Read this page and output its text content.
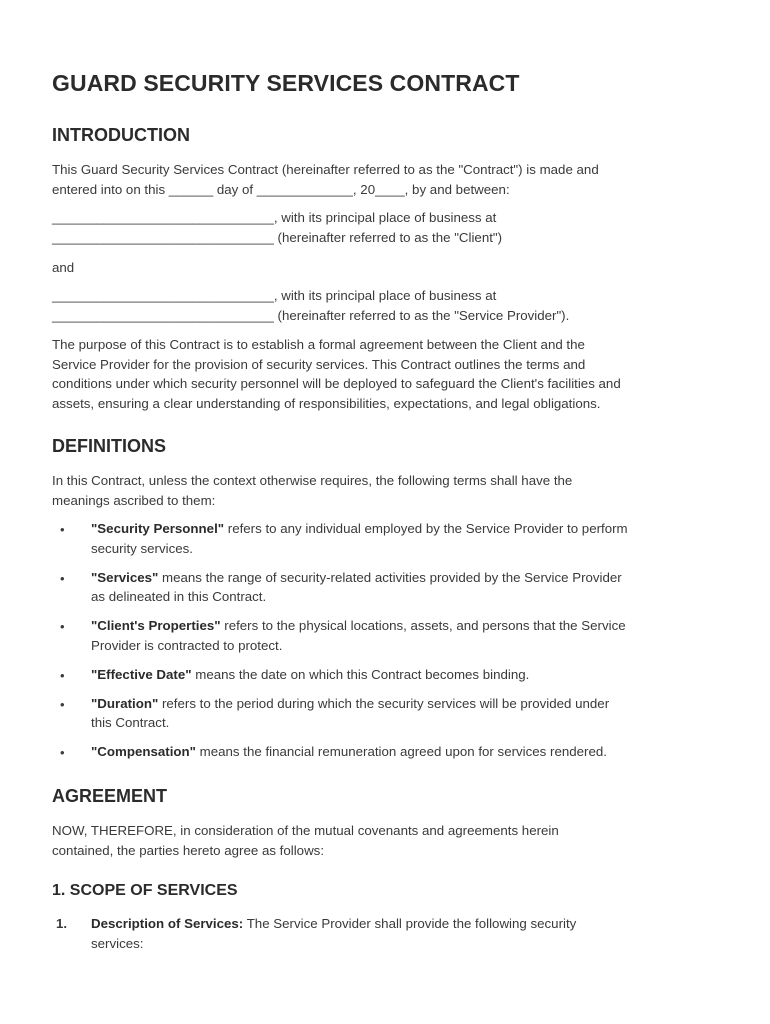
GUARD SECURITY SERVICES CONTRACT
INTRODUCTION

This Guard Security Services Contract (hereinafter referred to as the "Contract") is made and

entered into on this ______ day of _____________, 20____, by and between:

______________________________, with its principal place of business at

______________________________ (hereinafter referred to as the "Client")

and

______________________________, with its principal place of business at

______________________________ (hereinafter referred to as the "Service Provider").

The purpose of this Contract is to establish a formal agreement between the Client and the

Service Provider for the provision of security services. This Contract outlines the terms and

conditions under which security personnel will be deployed to safeguard the Client's facilities and

assets, ensuring a clear understanding of responsibilities, expectations, and legal obligations.

DEFINITIONS

In this Contract, unless the context otherwise requires, the following terms shall have the

meanings ascribed to them:

• "Security Personnel" refers to any individual employed by the Service Provider to perform
security services.
• "Services" means the range of security-related activities provided by the Service Provider
as delineated in this Contract.
• "Client's Properties" refers to the physical locations, assets, and persons that the Service
Provider is contracted to protect.
• "Effective Date" means the date on which this Contract becomes binding.
• "Duration" refers to the period during which the security services will be provided under
this Contract.
• "Compensation" means the financial remuneration agreed upon for services rendered.
AGREEMENT

NOW, THEREFORE, in consideration of the mutual covenants and agreements herein

contained, the parties hereto agree as follows:

1. SCOPE OF SERVICES
1. Description of Services: The Service Provider shall provide the following security
services:
